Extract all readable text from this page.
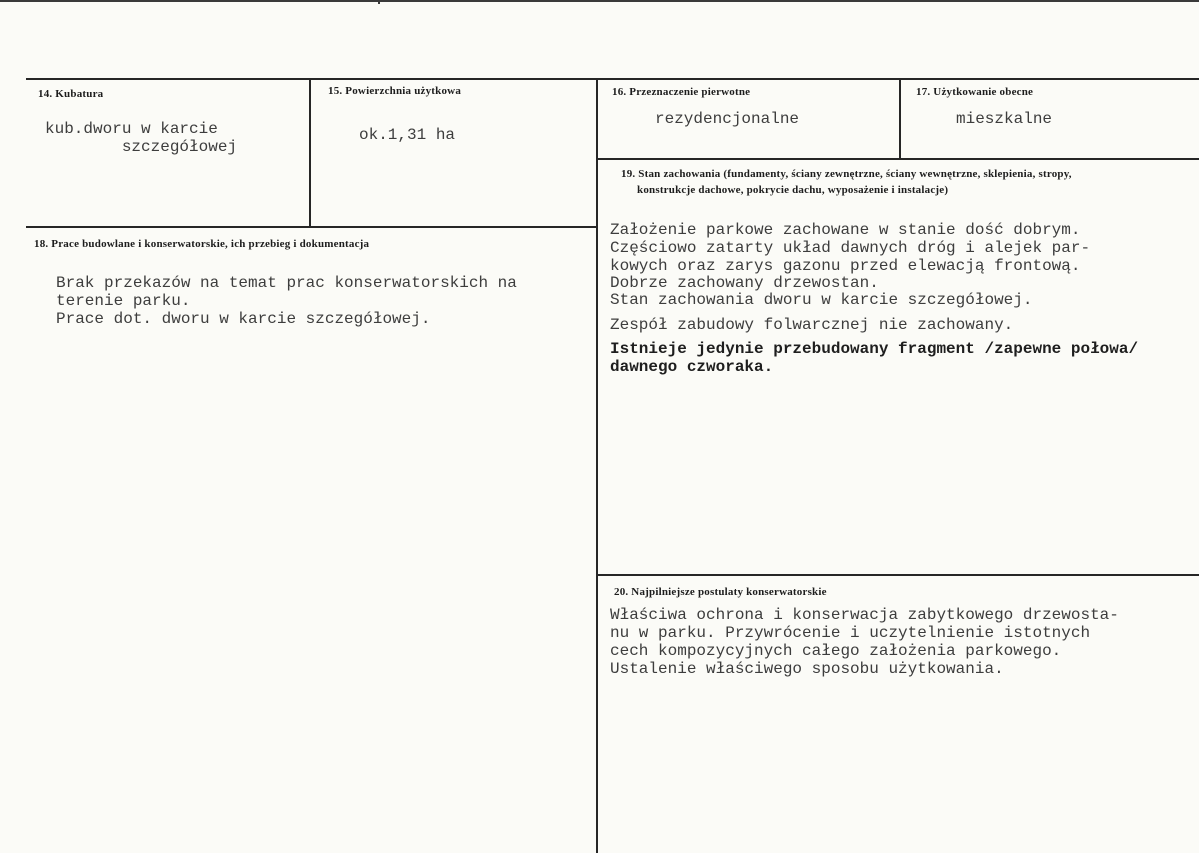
14. Kubatura
kub.dworu w karcie
szczegółowej
15. Powierzchnia użytkowa
ok.1,31 ha
16. Przeznaczenie pierwotne
rezydencjonalne
17. Użytkowanie obecne
mieszkalne
18. Prace budowlane i konserwatorskie, ich przebieg i dokumentacja
Brak przekazów na temat prac konserwatorskich na
terenie parku.
Prace dot. dworu w karcie szczegółowej.
19. Stan zachowania (fundamenty, ściany zewnętrzne, ściany wewnętrzne, sklepienia, stropy,
konstrukcje dachowe, pokrycie dachu, wyposażenie i instalacje)
Założenie parkowe zachowane w stanie dość dobrym.
Częściowo zatarty układ dawnych dróg i alejek par-
kowych oraz zarys gazonu przed elewacją frontową.
Dobrze zachowany drzewostan.
Stan zachowania dworu w karcie szczegółowej.
Zespół zabudowy folwarcznej nie zachowany.
Istnieje jedynie przebudowany fragment /zapewne połowa/
dawnego czworaka.
20. Najpilniejsze postulaty konserwatorskie
Właściwa ochrona i konserwacja zabytkowego drzewosta-
nu w parku. Przywrócenie i uczytelnienie istotnych
cech kompozycyjnych całego założenia parkowego.
Ustalenie właściwego sposobu użytkowania.
